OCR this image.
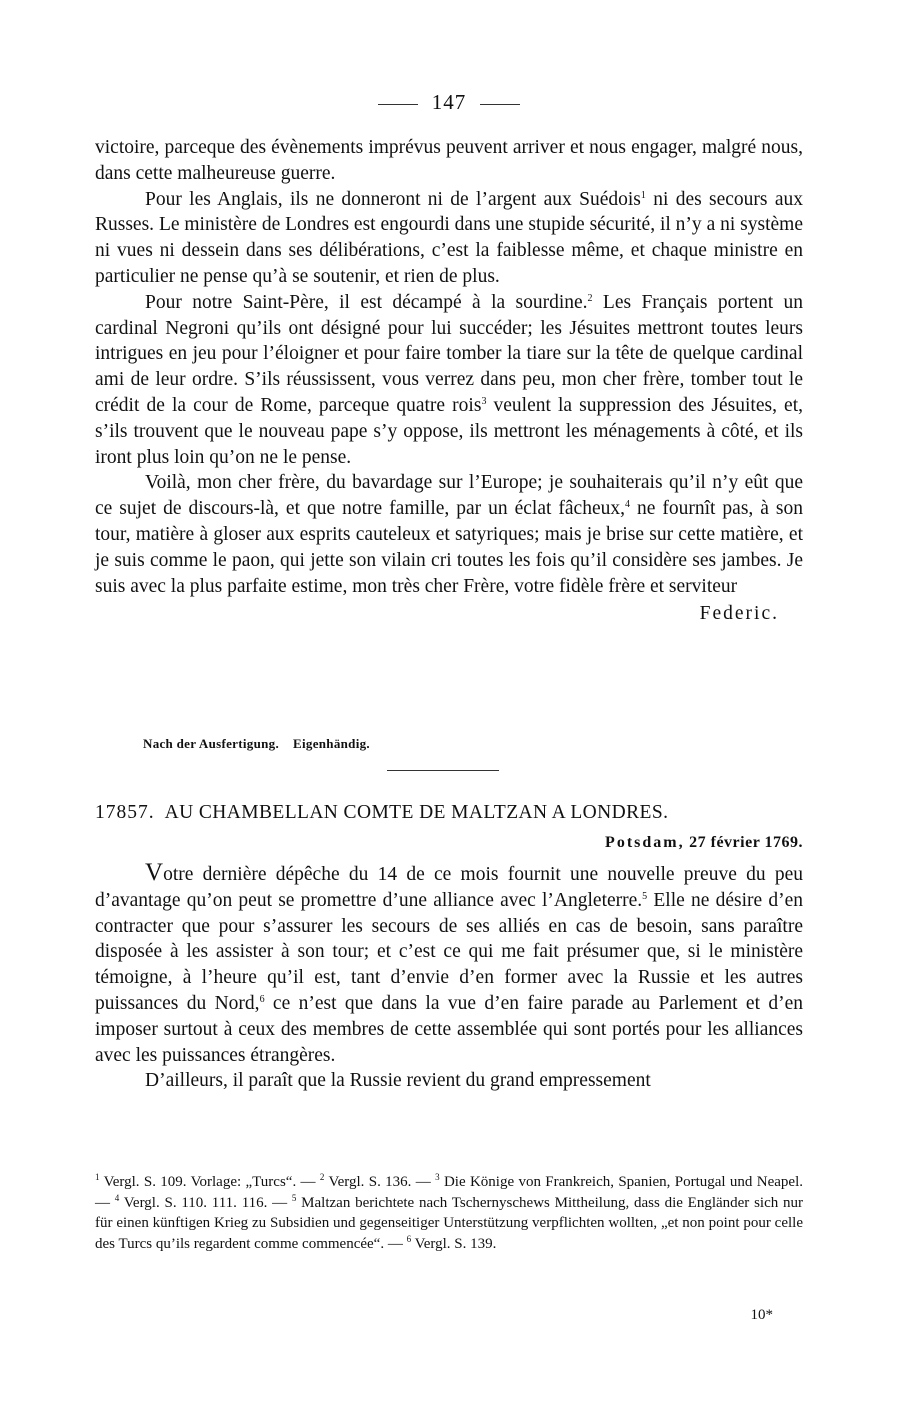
147

victoire, parceque des évènements imprévus peuvent arriver et nous engager, malgré nous, dans cette malheureuse guerre.

Pour les Anglais, ils ne donneront ni de l’argent aux Suédois$^1$ ni des secours aux Russes. Le ministère de Londres est engourdi dans une stupide sécurité, il n’y a ni système ni vues ni dessein dans ses délibérations, c’est la faiblesse même, et chaque ministre en particulier ne pense qu’à se soutenir, et rien de plus.

Pour notre Saint-Père, il est décampé à la sourdine.$^2$ Les Français portent un cardinal Negroni qu’ils ont désigné pour lui succéder; les Jésuites mettront toutes leurs intrigues en jeu pour l’éloigner et pour faire tomber la tiare sur la tête de quelque cardinal ami de leur ordre. S’ils réussissent, vous verrez dans peu, mon cher frère, tomber tout le crédit de la cour de Rome, parceque quatre rois$^3$ veulent la suppression des Jésuites, et, s’ils trouvent que le nouveau pape s’y oppose, ils mettront les ménagements à côté, et ils iront plus loin qu’on ne le pense.

Voilà, mon cher frère, du bavardage sur l’Europe; je souhaiterais qu’il n’y eût que ce sujet de discours-là, et que notre famille, par un éclat fâcheux,$^4$ ne fournît pas, à son tour, matière à gloser aux esprits cauteleux et satyriques; mais je brise sur cette matière, et je suis comme le paon, qui jette son vilain cri toutes les fois qu’il considère ses jambes. Je suis avec la plus parfaite estime, mon très cher Frère, votre fidèle frère et serviteur

Federic.
Nach der Ausfertigung. Eigenhändig.
17857. AU CHAMBELLAN COMTE DE MALTZAN A LONDRES.
Potsdam, 27 février 1769.

Votre dernière dépêche du 14 de ce mois fournit une nouvelle preuve du peu d’avantage qu’on peut se promettre d’une alliance avec l’Angleterre.$^5$ Elle ne désire d’en contracter que pour s’assurer les secours de ses alliés en cas de besoin, sans paraître disposée à les assister à son tour; et c’est ce qui me fait présumer que, si le ministère témoigne, à l’heure qu’il est, tant d’envie d’en former avec la Russie et les autres puissances du Nord,$^6$ ce n’est que dans la vue d’en faire parade au Parlement et d’en imposer surtout à ceux des membres de cette assemblée qui sont portés pour les alliances avec les puissances étrangères.

D’ailleurs, il paraît que la Russie revient du grand empressement

$^1$ Vergl. S. 109. Vorlage: „Turcs“. — $^2$ Vergl. S. 136. — $^3$ Die Könige von Frankreich, Spanien, Portugal und Neapel. — $^4$ Vergl. S. 110. 111. 116. — $^5$ Maltzan berichtete nach Tschernyschews Mittheilung, dass die Engländer sich nur für einen künftigen Krieg zu Subsidien und gegenseitiger Unterstützung verpflichten wollten, „et non point pour celle des Turcs qu’ils regardent comme commencée“. — $^6$ Vergl. S. 139.
10*
